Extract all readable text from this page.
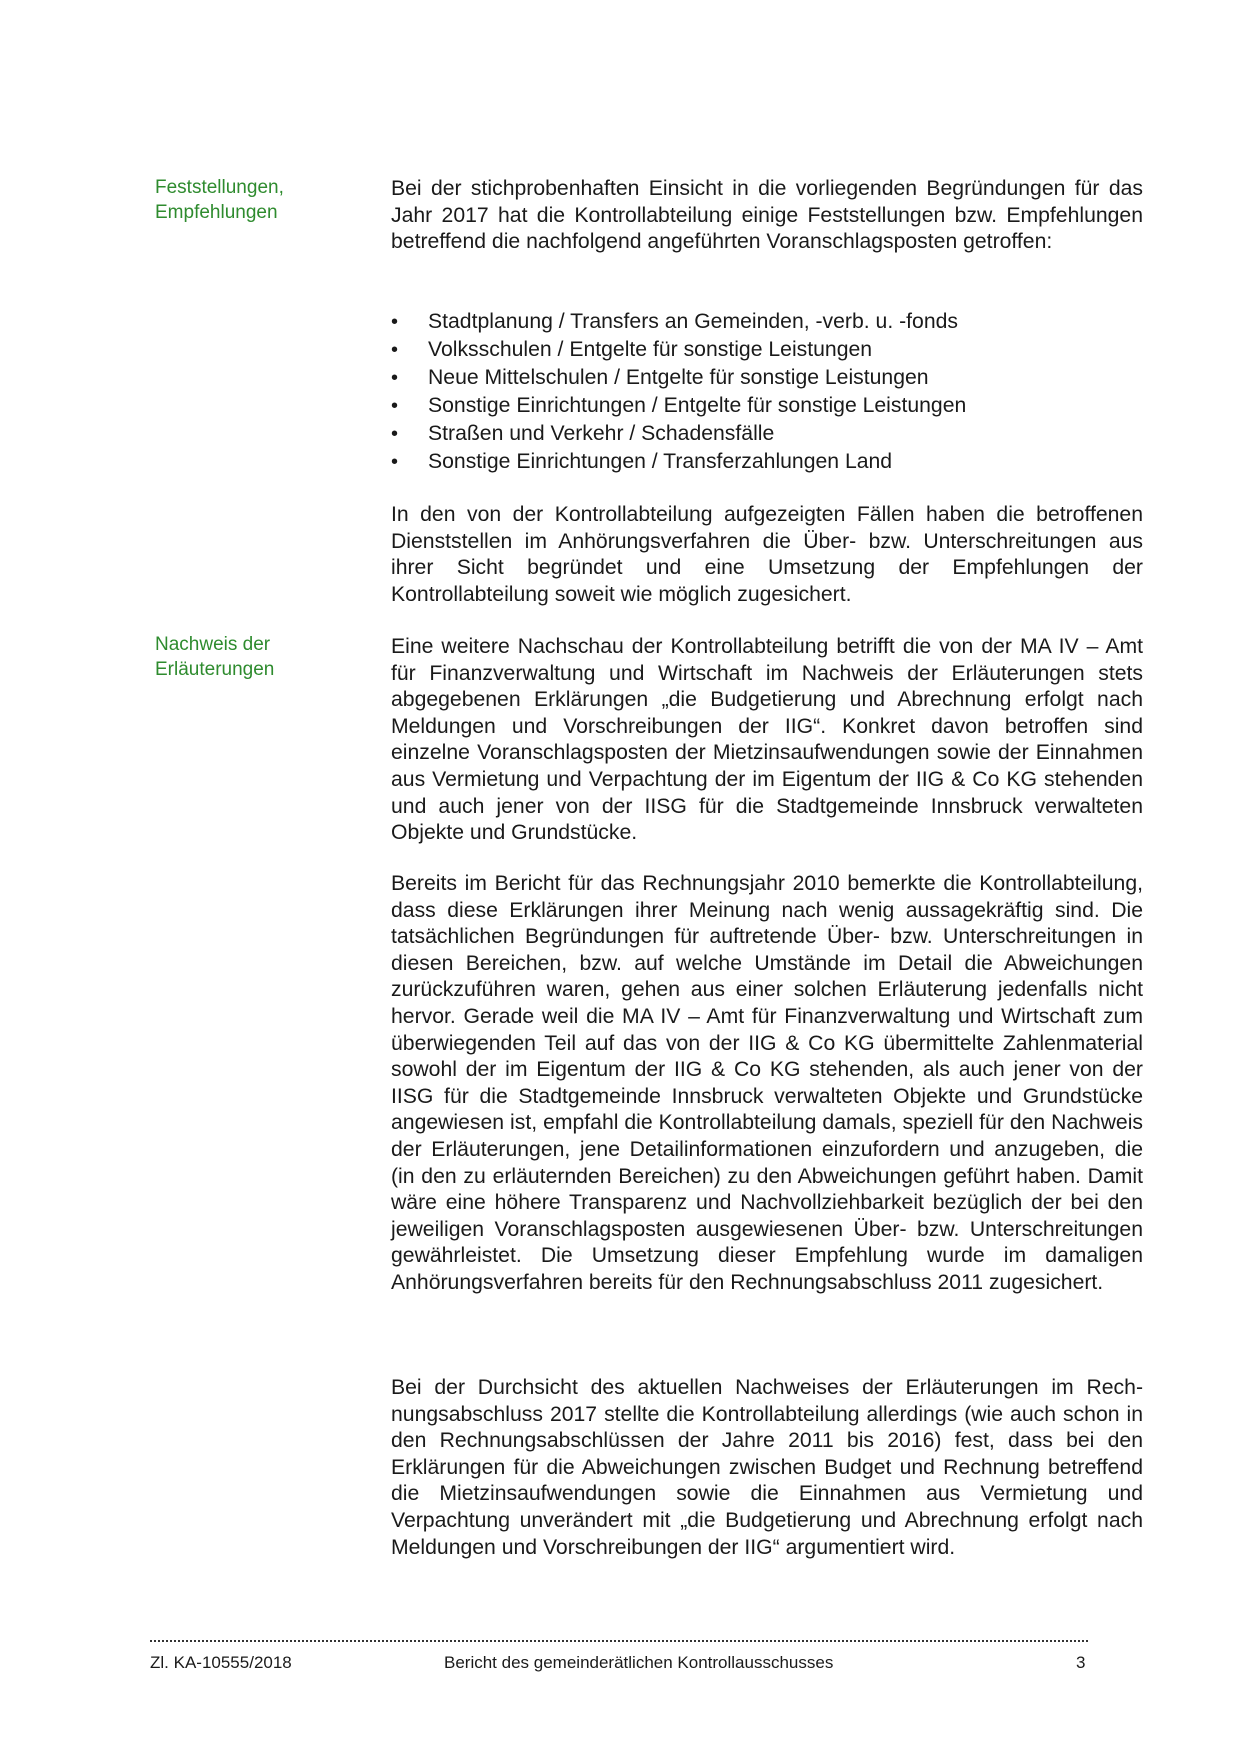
Feststellungen,
Empfehlungen

Bei der stichprobenhaften Einsicht in die vorliegenden Begründungen für das Jahr 2017 hat die Kontrollabteilung einige Feststellungen bzw. Empfehlungen betreffend die nachfolgend angeführten Voranschlagsposten getroffen:

• Stadtplanung / Transfers an Gemeinden, -verb. u. -fonds
• Volksschulen / Entgelte für sonstige Leistungen
• Neue Mittelschulen / Entgelte für sonstige Leistungen
• Sonstige Einrichtungen / Entgelte für sonstige Leistungen
• Straßen und Verkehr / Schadensfälle
• Sonstige Einrichtungen / Transferzahlungen Land

In den von der Kontrollabteilung aufgezeigten Fällen haben die betroffenen Dienststellen im Anhörungsverfahren die Über- bzw. Unterschreitungen aus ihrer Sicht begründet und eine Umsetzung der Empfehlungen der Kontrollabteilung soweit wie möglich zugesichert.

Nachweis der
Erläuterungen

Eine weitere Nachschau der Kontrollabteilung betrifft die von der MA IV – Amt für Finanzverwaltung und Wirtschaft im Nachweis der Erläuterungen stets abgegebenen Erklärungen „die Budgetierung und Abrechnung erfolgt nach Meldungen und Vorschreibungen der IIG“. Konkret davon betroffen sind einzelne Voranschlagsposten der Mietzinsaufwendungen sowie der Einnahmen aus Vermietung und Verpachtung der im Eigentum der IIG & Co KG stehenden und auch jener von der IISG für die Stadtgemeinde Innsbruck verwalteten Objekte und Grundstücke.

Bereits im Bericht für das Rechnungsjahr 2010 bemerkte die Kontrollabteilung, dass diese Erklärungen ihrer Meinung nach wenig aussagekräftig sind. Die tatsächlichen Begründungen für auftretende Über- bzw. Unterschreitungen in diesen Bereichen, bzw. auf welche Umstände im Detail die Abweichungen zurückzuführen waren, gehen aus einer solchen Erläuterung jedenfalls nicht hervor. Gerade weil die MA IV – Amt für Finanzverwaltung und Wirtschaft zum überwiegenden Teil auf das von der IIG & Co KG übermittelte Zahlenmaterial sowohl der im Eigentum der IIG & Co KG stehenden, als auch jener von der IISG für die Stadtgemeinde Innsbruck verwalteten Objekte und Grundstücke angewiesen ist, empfahl die Kontrollabteilung damals, speziell für den Nachweis der Erläuterungen, jene Detailinformationen einzufordern und anzugeben, die (in den zu erläuternden Bereichen) zu den Abweichungen geführt haben. Damit wäre eine höhere Transparenz und Nachvollziehbarkeit bezüglich der bei den jeweiligen Voranschlagsposten ausgewiesenen Über- bzw. Unterschreitungen gewährleistet. Die Umsetzung dieser Empfehlung wurde im damaligen Anhörungsverfahren bereits für den Rechnungsabschluss 2011 zugesichert.

Bei der Durchsicht des aktuellen Nachweises der Erläuterungen im Rechnungsabschluss 2017 stellte die Kontrollabteilung allerdings (wie auch schon in den Rechnungsabschlüssen der Jahre 2011 bis 2016) fest, dass bei den Erklärungen für die Abweichungen zwischen Budget und Rechnung betreffend die Mietzinsaufwendungen sowie die Einnahmen aus Vermietung und Verpachtung unverändert mit „die Budgetierung und Abrechnung erfolgt nach Meldungen und Vorschreibungen der IIG“ argumentiert wird.

Zl. KA-10555/2018	Bericht des gemeinderätlichen Kontrollausschusses	3
